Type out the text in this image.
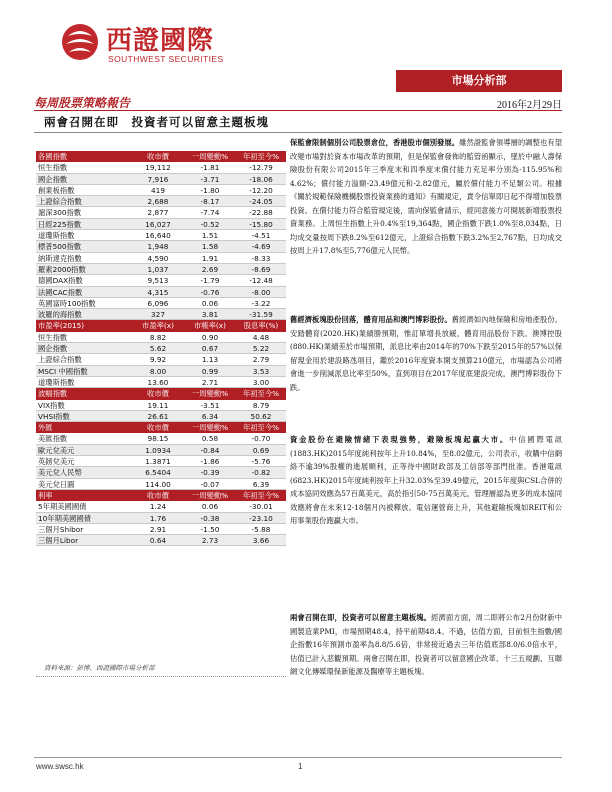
西證國際
SOUTHWEST SECURITIES
市場分析部
每周股票策略報告	2016年2月29日
兩會召開在即　投資者可以留意主題板塊
各國指數	收市價	一周變動%	年初至今%
恒生指數	19,112	-1.81	-12.79
國企指數	7,916	-3.71	-18.06
創業板指數	419	-1.80	-12.20
上證綜合指數	2,688	-8.17	-24.05
滬深300指數	2,877	-7.74	-22.88
日經225指數	16,027	-0.52	-15.80
道瓊斯指數	16,640	1.51	-4.51
標普500指數	1,948	1.58	-4.69
納斯達克指數	4,590	1.91	-8.33
羅素2000指數	1,037	2.69	-8.69
德國DAX指數	9,513	-1.79	-12.48
法國CAC指數	4,315	-0.76	-8.00
英國富時100指數	6,096	0.06	-3.22
波羅的海指數	327	3.81	-31.59
市盈率(2015)	市盈率(x)	市帳率(x)	股息率(%)
恒生指數	8.82	0.90	4.48
國企指數	5.62	0.67	5.22
上證綜合指數	9.92	1.13	2.79
MSCI 中國指數	8.00	0.99	3.53
道瓊斯指數	13.60	2.71	3.00
波幅指數	收市價	一周變動%	年初至今%
VIX指數	19.11	-3.51	8.79
VHSI指數	26.61	6.34	50.62
外匯	收市價	一周變動%	年初至今%
美匯指數	98.15	0.58	-0.70
歐元兌美元	1.0934	-0.84	0.69
英鎊兌美元	1.3871	-1.86	-5.76
美元兌人民幣	6.5404	-0.39	-0.82
美元兌日圓	114.00	-0.07	6.39
利率	收市價	一周變動%	年初至今%
5年期美國國債	1.24	0.06	-30.01
10年期美國國債	1.76	-0.38	-23.10
三個月Shibor	2.91	-1.50	-5.88
三個月Libor	0.64	2.73	3.66
資料來源：彭博、西證國際市場分析部
保監會限制個別公司股票倉位，香港股市個別發展。雖然證監會領導層的調整也有望改變市場對於資本市場改革的預期，但是保監會發佈的監管函顯示，墜於中融人壽保險股份有限公司2015年三季度末和四季度末償付能力充足率分別為-115.95%和4.62%；償付能力溢額-23.49億元和-2.82億元，屬於償付能力不足類公司。根據《關於規範保險機構股票投資業務的通知》有關規定，責令信單即日起不得增加股票投資。在償付能力符合監管規定後，需向保監會請示，經同意後方可開展新增股票投資業務。上周恒生指數上升0.4%至19,364點，國企指數下跌1.0%至8,034點，日均成交量按周下跌8.2%至612億元，上證綜合指數下跌3.2%至2,767點，日均成交按周上升17.8%至5,776億元人民幣。
舊經濟板塊股份回落，體育用品和澳門博彩股份。舊經濟如內地保險和房地產股份。安踏體育(2020.HK)業績勝預期，惟訂單增長放緩，體育用品股份下跌。澳博控股(880.HK)業績差於市場預期，派息比率由2014年的70%下跌至2015年的57%以保留現金用於建設路氹項目，鑑於2016年度資本開支預算210億元，市場認為公司將會進一步削減派息比率至50%，直到項目在2017年度底建設完成，澳門博彩股份下跌。
資金股份在避險情緒下表現強勢，避險板塊起贏大市。中信國際電訊(1883.HK)2015年度純利按年上升10.84%，至8.02億元，公司表示，收購中信網絡不逾39%股權的進展順利，正等待中國財政部及工信部等部門批准。香港電訊(6823.HK)2015年度純利按年上升32.03%至39.49億元，2015年度與CSL合併的成本協同效應為57百萬美元，高於指引50-75百萬美元，管理層認為更多的成本協同效應將會在未來12-18個月內被釋放。電信運營商上升，其他避險板塊如REIT和公用事業股份跑贏大市。
兩會召開在即，投資者可以留意主題板塊。經濟面方面，周二即將公布2月份財新中國製造業PMI，市場預期48.4，持平前期48.4。不過，估值方面，目前恒生指數/國企指數16年預測市盈率為8.8/5.6倍，非常接近過去三年估值底部8.0/6.0倍水平，估值已計入悲觀預期。兩會召開在即，投資者可以留意國企改革、十三五規劃、互聯網文化傳媒環保新能源及醫療等主題板塊。
www.swsc.hk	1
